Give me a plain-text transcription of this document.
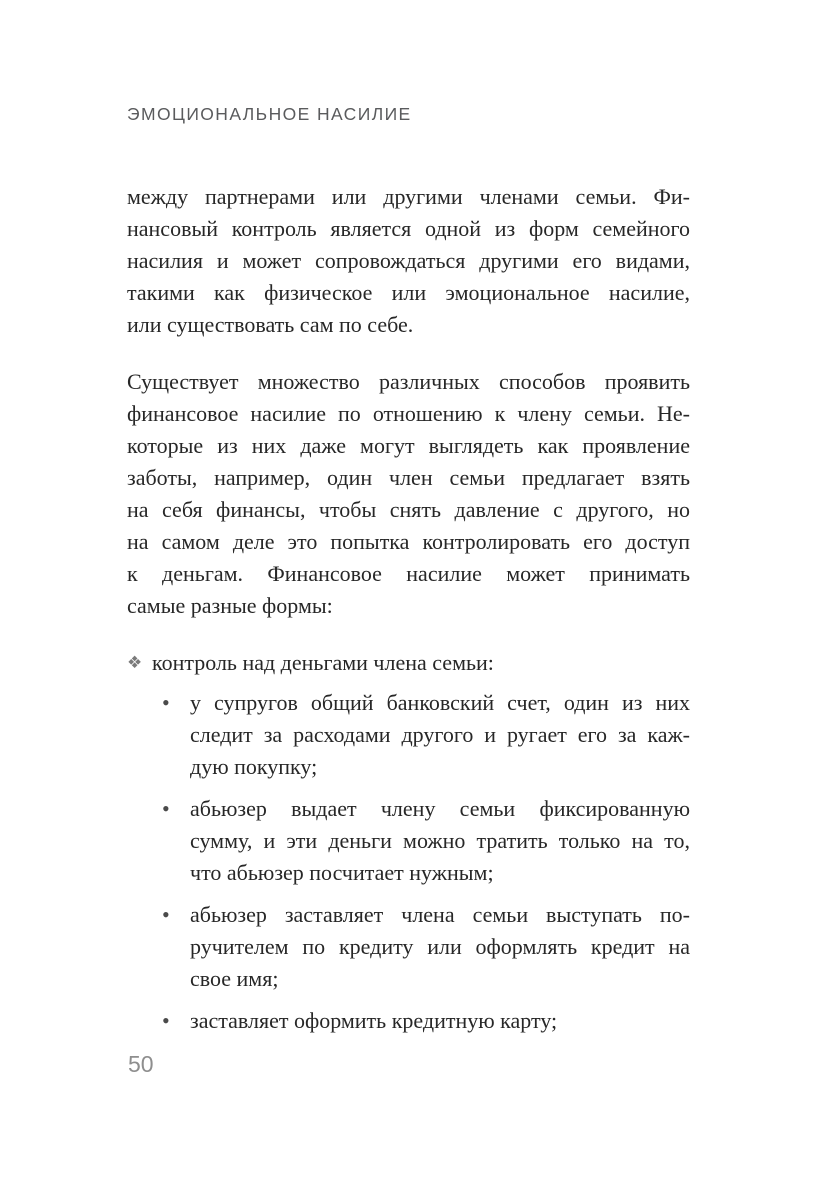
ЭМОЦИОНАЛЬНОЕ НАСИЛИЕ
между партнерами или другими членами семьи. Фи-
нансовый контроль является одной из форм семейного
насилия и может сопровождаться другими его видами,
такими как физическое или эмоциональное насилие,
или существовать сам по себе.
Существует множество различных способов проявить
финансовое насилие по отношению к члену семьи. Не-
которые из них даже могут выглядеть как проявление
заботы, например, один член семьи предлагает взять
на себя финансы, чтобы снять давление с другого, но
на самом деле это попытка контролировать его доступ
к деньгам. Финансовое насилие может принимать
самые разные формы:
❖ контроль над деньгами члена семьи:
• у супругов общий банковский счет, один из них
следит за расходами другого и ругает его за каж-
дую покупку;
• абьюзер выдает члену семьи фиксированную
сумму, и эти деньги можно тратить только на то,
что абьюзер посчитает нужным;
• абьюзер заставляет члена семьи выступать по-
ручителем по кредиту или оформлять кредит на
свое имя;
• заставляет оформить кредитную карту;
50
